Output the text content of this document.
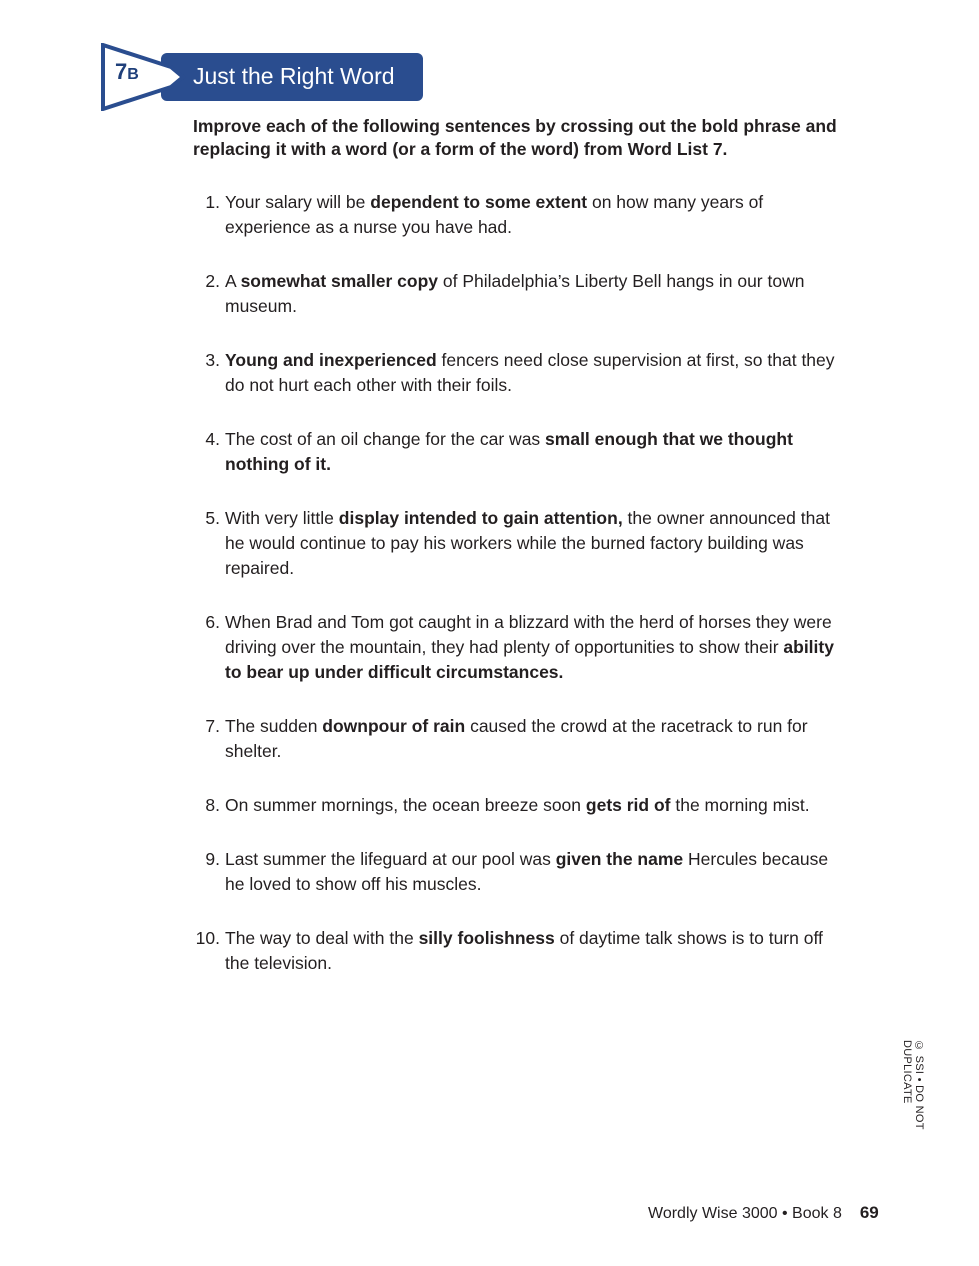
7B Just the Right Word
Improve each of the following sentences by crossing out the bold phrase and replacing it with a word (or a form of the word) from Word List 7.
1. Your salary will be dependent to some extent on how many years of experience as a nurse you have had.
2. A somewhat smaller copy of Philadelphia’s Liberty Bell hangs in our town museum.
3. Young and inexperienced fencers need close supervision at first, so that they do not hurt each other with their foils.
4. The cost of an oil change for the car was small enough that we thought nothing of it.
5. With very little display intended to gain attention, the owner announced that he would continue to pay his workers while the burned factory building was repaired.
6. When Brad and Tom got caught in a blizzard with the herd of horses they were driving over the mountain, they had plenty of opportunities to show their ability to bear up under difficult circumstances.
7. The sudden downpour of rain caused the crowd at the racetrack to run for shelter.
8. On summer mornings, the ocean breeze soon gets rid of the morning mist.
9. Last summer the lifeguard at our pool was given the name Hercules because he loved to show off his muscles.
10. The way to deal with the silly foolishness of daytime talk shows is to turn off the television.
© SSI • DO NOT DUPLICATE
Wordly Wise 3000 • Book 8 69
